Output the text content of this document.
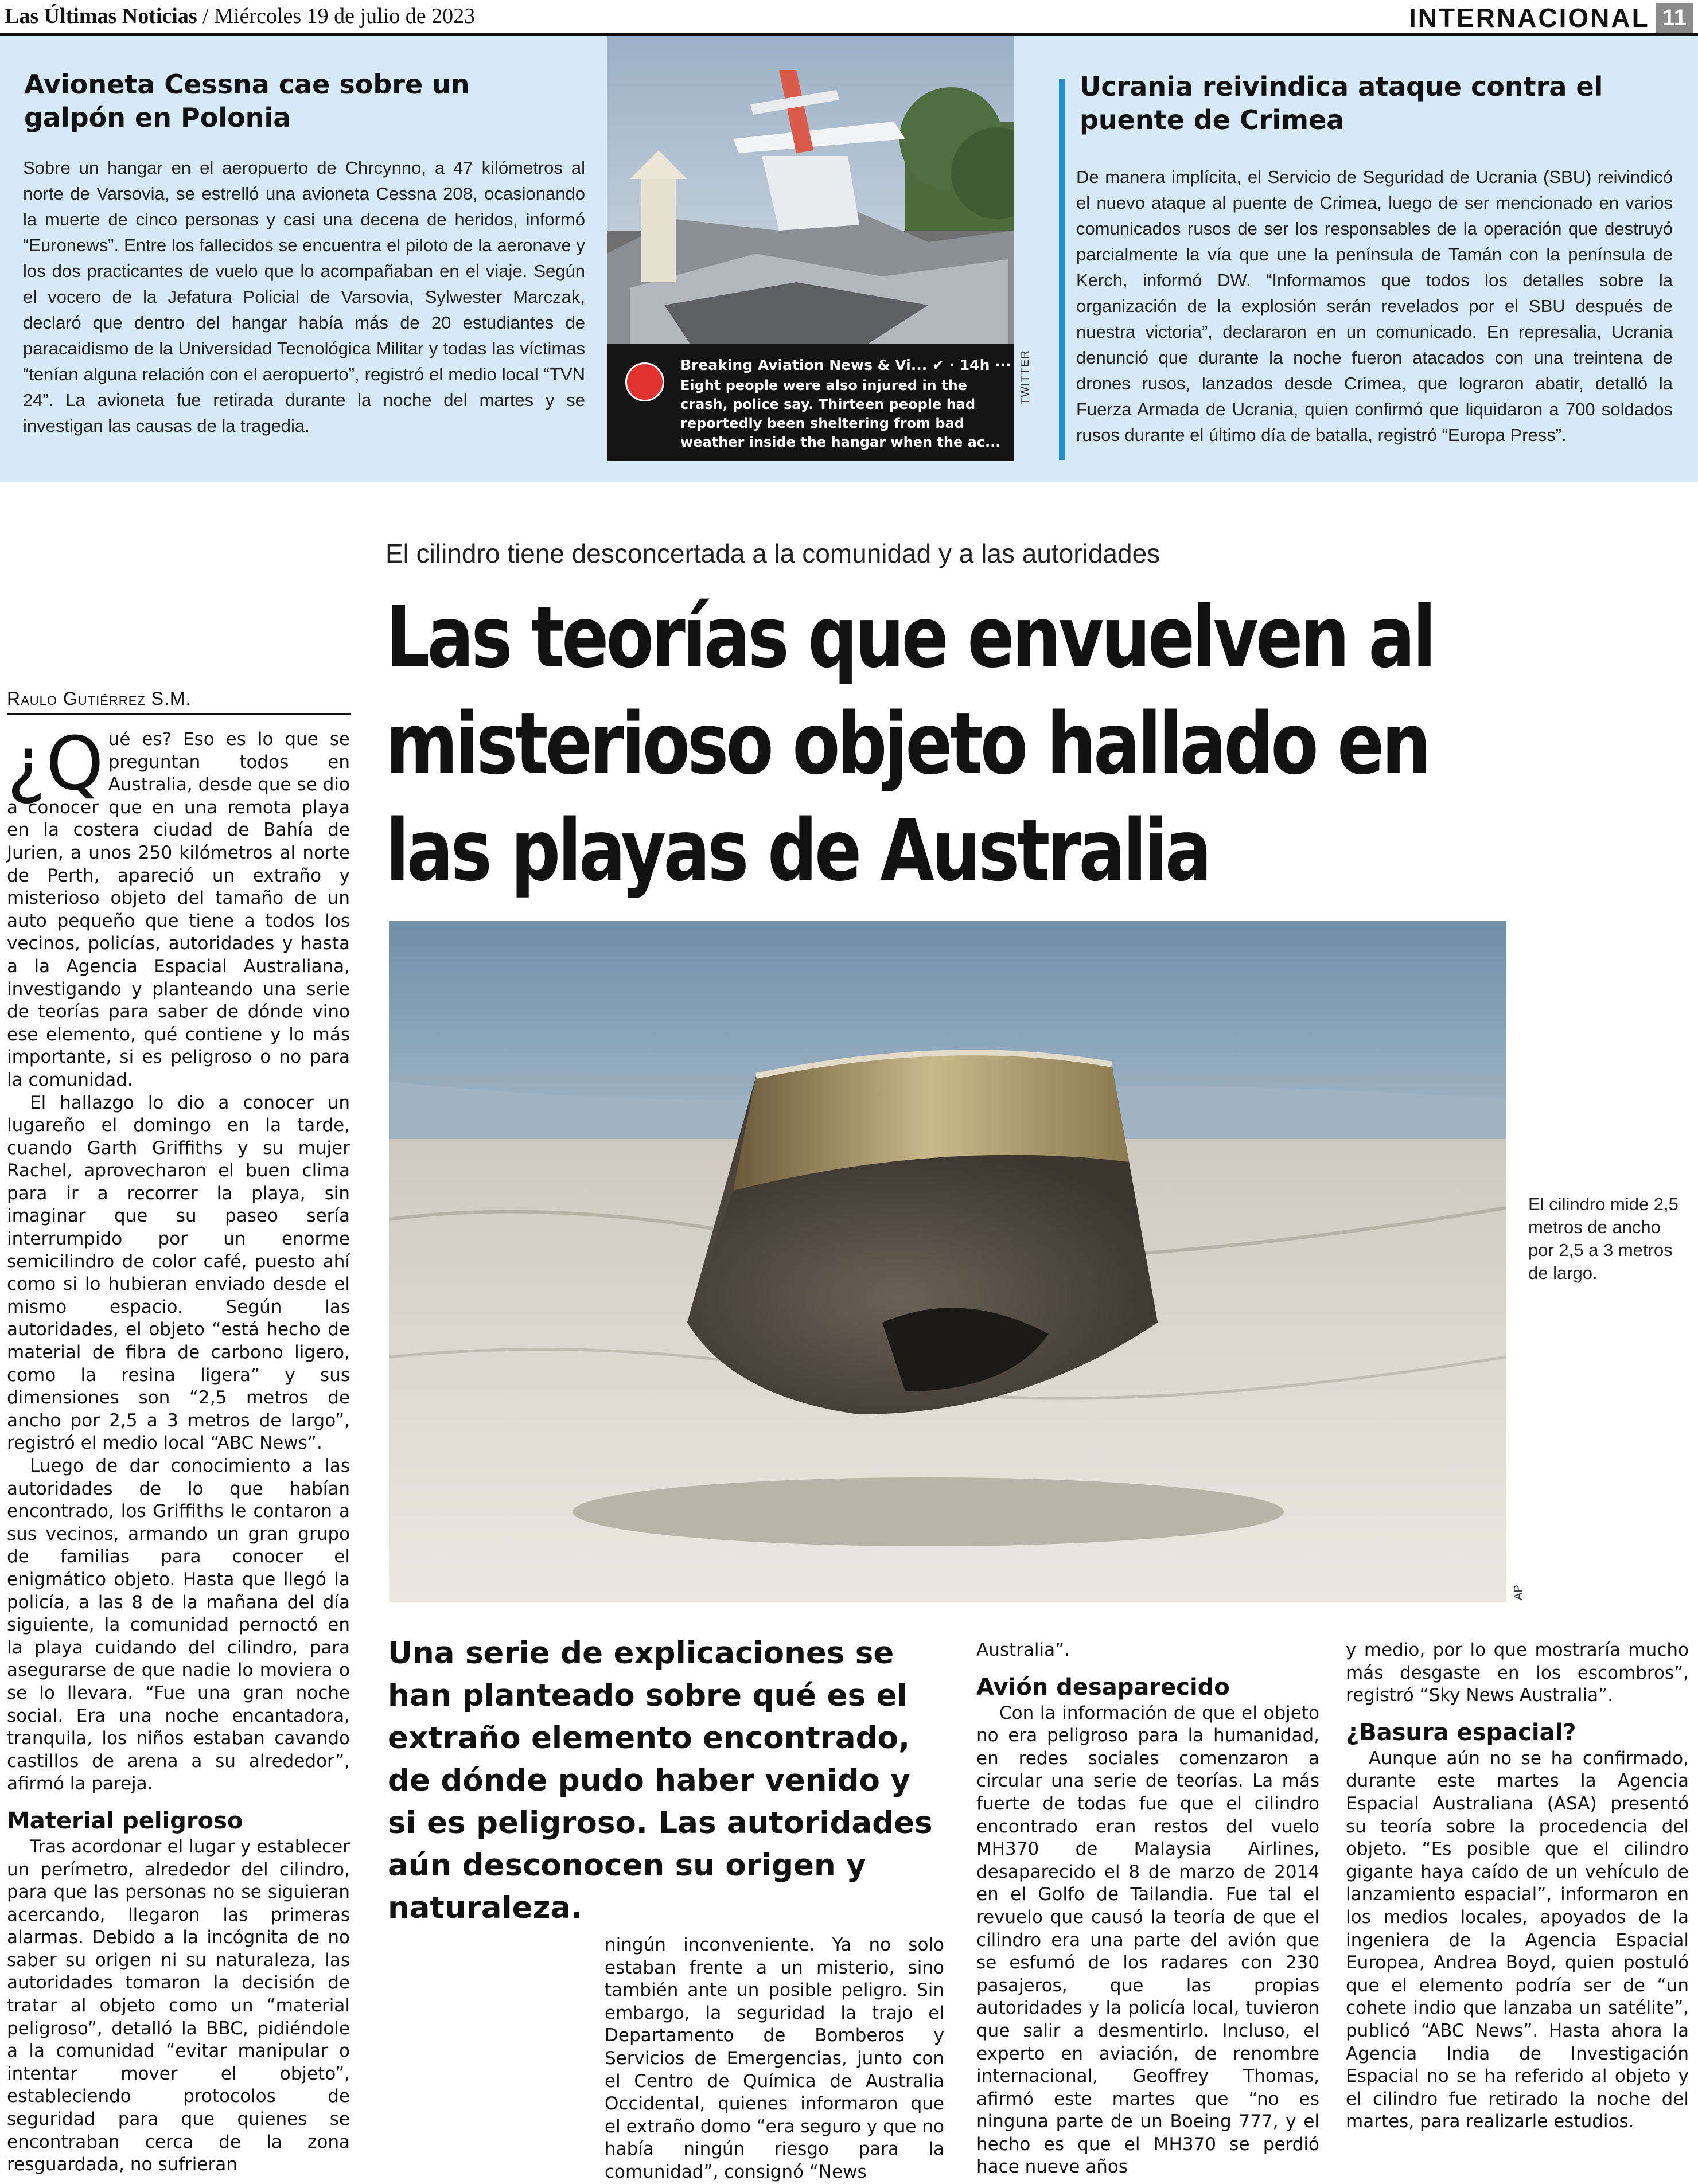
Las Últimas Noticias / Miércoles 19 de julio de 2023	INTERNACIONAL 11
Avioneta Cessna cae sobre un galpón en Polonia
Sobre un hangar en el aeropuerto de Chrcynno, a 47 kilómetros al norte de Varsovia, se estrelló una avioneta Cessna 208, ocasionando la muerte de cinco personas y casi una decena de heridos, informó “Euronews”. Entre los fallecidos se encuentra el piloto de la aeronave y los dos practicantes de vuelo que lo acompañaban en el viaje. Según el vocero de la Jefatura Policial de Varsovia, Sylwester Marczak, declaró que dentro del hangar había más de 20 estudiantes de paracaidismo de la Universidad Tecnológica Militar y todas las víctimas “tenían alguna relación con el aeropuerto”, registró el medio local “TVN 24”. La avioneta fue retirada durante la noche del martes y se investigan las causas de la tragedia.
Breaking Aviation News & Vi... ✔ · 14h ···
Eight people were also injured in the crash, police say. Thirteen people had reportedly been sheltering from bad weather inside the hangar when the ac...
TWITTER
Ucrania reivindica ataque contra el puente de Crimea
De manera implícita, el Servicio de Seguridad de Ucrania (SBU) reivindicó el nuevo ataque al puente de Crimea, luego de ser mencionado en varios comunicados rusos de ser los responsables de la operación que destruyó parcialmente la vía que une la península de Tamán con la península de Kerch, informó DW. “Informamos que todos los detalles sobre la organización de la explosión serán revelados por el SBU después de nuestra victoria”, declararon en un comunicado. En represalia, Ucrania denunció que durante la noche fueron atacados con una treintena de drones rusos, lanzados desde Crimea, que lograron abatir, detalló la Fuerza Armada de Ucrania, quien confirmó que liquidaron a 700 soldados rusos durante el último día de batalla, registró “Europa Press”.
El cilindro tiene desconcertada a la comunidad y a las autoridades
Las teorías que envuelven al misterioso objeto hallado en las playas de Australia
Raulo Gutiérrez S.M.
AP
El cilindro mide 2,5 metros de ancho por 2,5 a 3 metros de largo.

¿Q ué es? Eso es lo que se preguntan todos en Australia, desde que se dio a conocer que en una remota playa en la costera ciudad de Bahía de Jurien, a unos 250 kilómetros al norte de Perth, apareció un extraño y misterioso objeto del tamaño de un auto pequeño que tiene a todos los vecinos, policías, autoridades y hasta a la Agencia Espacial Australiana, investigando y planteando una serie de teorías para saber de dónde vino ese elemento, qué contiene y lo más importante, si es peligroso o no para la comunidad.

El hallazgo lo dio a conocer un lugareño el domingo en la tarde, cuando Garth Griffiths y su mujer Rachel, aprovecharon el buen clima para ir a recorrer la playa, sin imaginar que su paseo sería interrumpido por un enorme semicilindro de color café, puesto ahí como si lo hubieran enviado desde el mismo espacio. Según las autoridades, el objeto “está hecho de material de fibra de carbono ligero, como la resina ligera” y sus dimensiones son “2,5 metros de ancho por 2,5 a 3 metros de largo”, registró el medio local “ABC News”.

Luego de dar conocimiento a las autoridades de lo que habían encontrado, los Griffiths le contaron a sus vecinos, armando un gran grupo de familias para conocer el enigmático objeto. Hasta que llegó la policía, a las 8 de la mañana del día siguiente, la comunidad pernoctó en la playa cuidando del cilindro, para asegurarse de que nadie lo moviera o se lo llevara. “Fue una gran noche social. Era una noche encantadora, tranquila, los niños estaban cavando castillos de arena a su alrededor”, afirmó la pareja.

Material peligroso

Tras acordonar el lugar y establecer un perímetro, alrededor del cilindro, para que las personas no se siguieran acercando, llegaron las primeras alarmas. Debido a la incógnita de no saber su origen ni su naturaleza, las autoridades tomaron la decisión de tratar al objeto como un “material peligroso”, detalló la BBC, pidiéndole a la comunidad “evitar manipular o intentar mover el objeto”, estableciendo protocolos de seguridad para que quienes se encontraban cerca de la zona resguardada, no sufrieran

Una serie de explicaciones se han planteado sobre qué es el extraño elemento encontrado, de dónde pudo haber venido y si es peligroso. Las autoridades aún desconocen su origen y naturaleza.

ningún inconveniente. Ya no solo estaban frente a un misterio, sino también ante un posible peligro. Sin embargo, la seguridad la trajo el Departamento de Bomberos y Servicios de Emergencias, junto con el Centro de Química de Australia Occidental, quienes informaron que el extraño domo “era seguro y que no había ningún riesgo para la comunidad”, consignó “News

Australia”.

Avión desaparecido

Con la información de que el objeto no era peligroso para la humanidad, en redes sociales comenzaron a circular una serie de teorías. La más fuerte de todas fue que el cilindro encontrado eran restos del vuelo MH370 de Malaysia Airlines, desaparecido el 8 de marzo de 2014 en el Golfo de Tailandia. Fue tal el revuelo que causó la teoría de que el cilindro era una parte del avión que se esfumó de los radares con 230 pasajeros, que las propias autoridades y la policía local, tuvieron que salir a desmentirlo. Incluso, el experto en aviación, de renombre internacional, Geoffrey Thomas, afirmó este martes que “no es ninguna parte de un Boeing 777, y el hecho es que el MH370 se perdió hace nueve años

y medio, por lo que mostraría mucho más desgaste en los escombros”, registró “Sky News Australia”.

¿Basura espacial?

Aunque aún no se ha confirmado, durante este martes la Agencia Espacial Australiana (ASA) presentó su teoría sobre la procedencia del objeto. “Es posible que el cilindro gigante haya caído de un vehículo de lanzamiento espacial”, informaron en los medios locales, apoyados de la ingeniera de la Agencia Espacial Europea, Andrea Boyd, quien postuló que el elemento podría ser de “un cohete indio que lanzaba un satélite”, publicó “ABC News”. Hasta ahora la Agencia India de Investigación Espacial no se ha referido al objeto y el cilindro fue retirado la noche del martes, para realizarle estudios.
